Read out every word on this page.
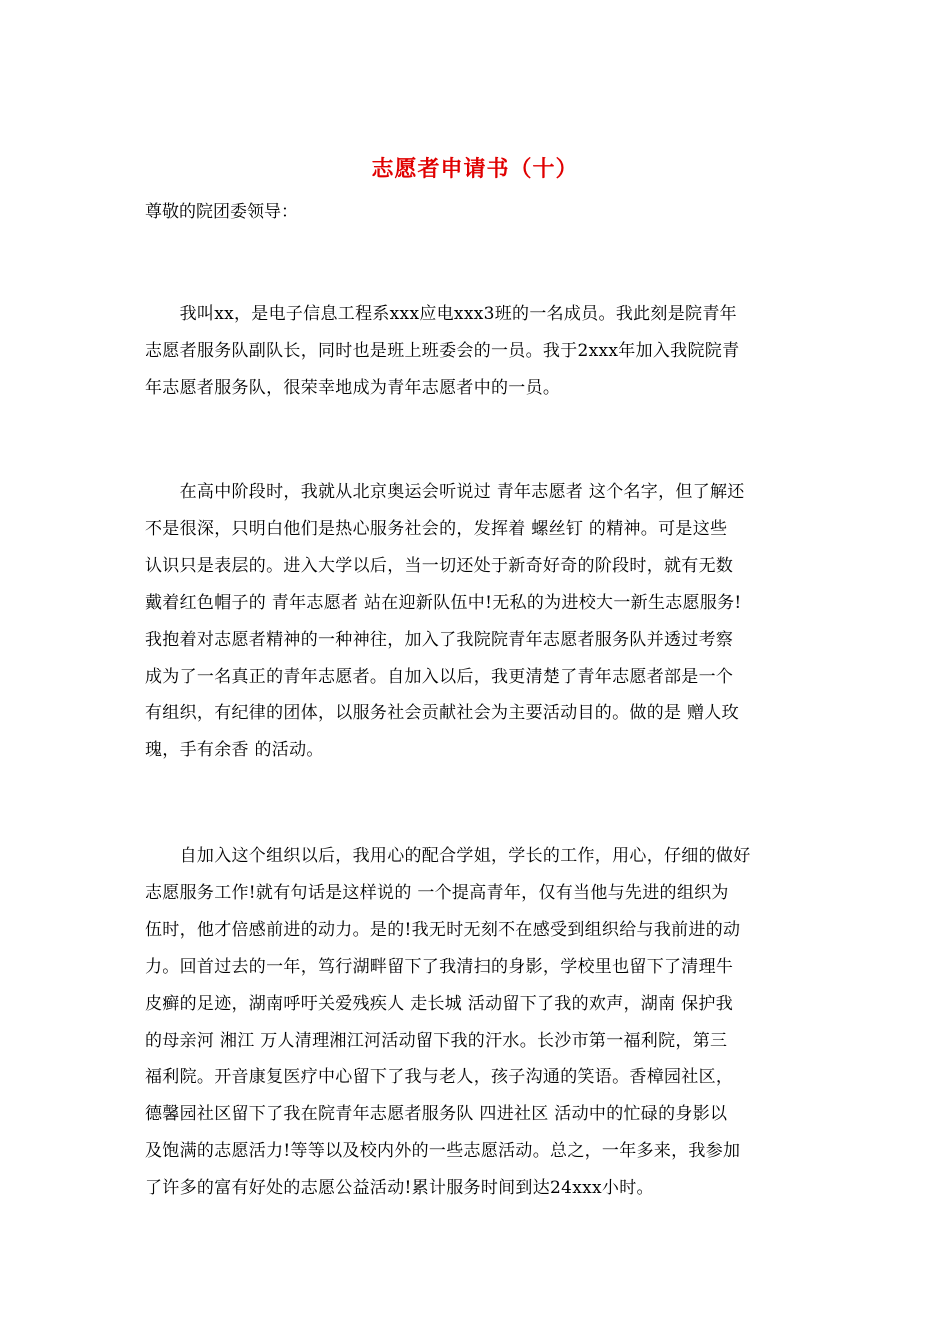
志愿者申请书（十）
尊敬的院团委领导：
　　我叫xx，是电子信息工程系xxx应电xxx3班的一名成员。我此刻是院青年
志愿者服务队副队长，同时也是班上班委会的一员。我于2xxx年加入我院院青
年志愿者服务队，很荣幸地成为青年志愿者中的一员。
　　在高中阶段时，我就从北京奥运会听说过 青年志愿者 这个名字，但了解还
不是很深，只明白他们是热心服务社会的，发挥着 螺丝钉 的精神。可是这些
认识只是表层的。进入大学以后，当一切还处于新奇好奇的阶段时，就有无数
戴着红色帽子的 青年志愿者 站在迎新队伍中!无私的为进校大一新生志愿服务!
我抱着对志愿者精神的一种神往，加入了我院院青年志愿者服务队并透过考察
成为了一名真正的青年志愿者。自加入以后，我更清楚了青年志愿者部是一个
有组织，有纪律的团体，以服务社会贡献社会为主要活动目的。做的是 赠人玫
瑰，手有余香 的活动。
　　自加入这个组织以后，我用心的配合学姐，学长的工作，用心，仔细的做好
志愿服务工作!就有句话是这样说的 一个提高青年，仅有当他与先进的组织为
伍时，他才倍感前进的动力。是的!我无时无刻不在感受到组织给与我前进的动
力。回首过去的一年，笃行湖畔留下了我清扫的身影，学校里也留下了清理牛
皮癣的足迹，湖南呼吁关爱残疾人 走长城 活动留下了我的欢声，湖南 保护我
的母亲河 湘江 万人清理湘江河活动留下我的汗水。长沙市第一福利院，第三
福利院。开音康复医疗中心留下了我与老人，孩子沟通的笑语。香樟园社区，
德馨园社区留下了我在院青年志愿者服务队 四进社区 活动中的忙碌的身影以
及饱满的志愿活力!等等以及校内外的一些志愿活动。总之，一年多来，我参加
了许多的富有好处的志愿公益活动!累计服务时间到达24xxx小时。
